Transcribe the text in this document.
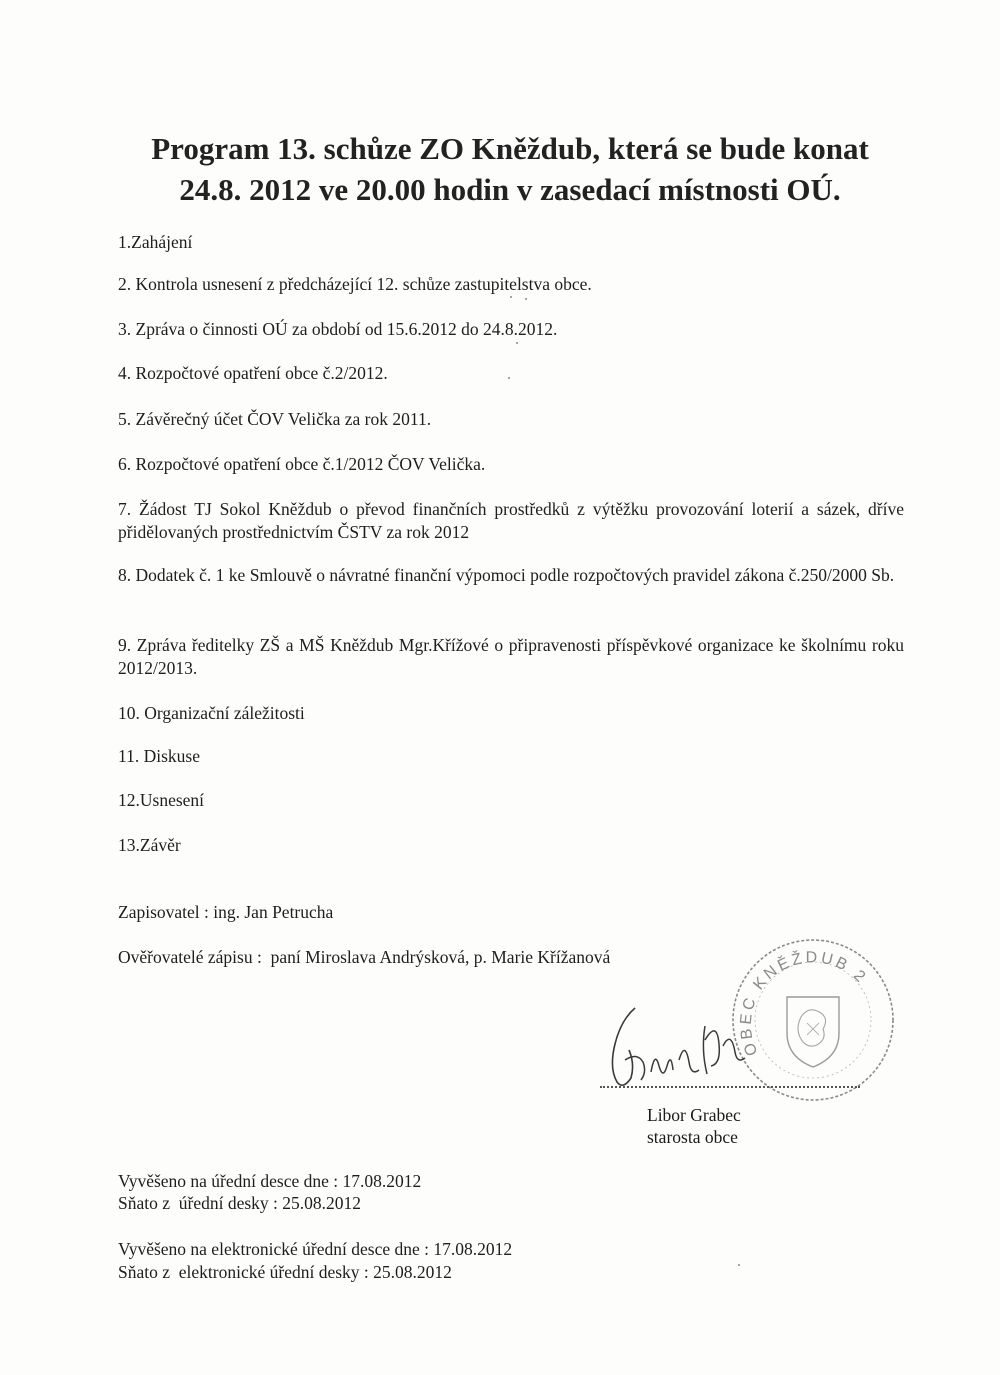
Program 13. schůze ZO Kněždub, která se bude konat
24.8. 2012 ve 20.00 hodin v zasedací místnosti OÚ.
1.Zahájení
2. Kontrola usnesení z předcházející 12. schůze zastupitelstva obce.
3. Zpráva o činnosti OÚ za období od 15.6.2012 do 24.8.2012.
4. Rozpočtové opatření obce č.2/2012.
5. Závěrečný účet ČOV Velička za rok 2011.
6. Rozpočtové opatření obce č.1/2012 ČOV Velička.
7. Žádost TJ Sokol Kněždub o převod finančních prostředků z výtěžku provozování loterií a sázek, dříve přidělovaných prostřednictvím ČSTV za rok 2012
8. Dodatek č. 1 ke Smlouvě o návratné finanční výpomoci podle rozpočtových pravidel zákona č.250/2000 Sb.
9. Zpráva ředitelky ZŠ a MŠ Kněždub Mgr.Křížové o připravenosti příspěvkové organizace ke školnímu roku 2012/2013.
10. Organizační záležitosti
11. Diskuse
12.Usnesení
13.Závěr
Zapisovatel : ing. Jan Petrucha
Ověřovatelé zápisu :  paní Miroslava Andrýsková, p. Marie Křížanová
OBEC KNĚŽDUB 2
Libor Grabec
starosta obce
Vyvěšeno na úřední desce dne : 17.08.2012
Sňato z  úřední desky : 25.08.2012
Vyvěšeno na elektronické úřední desce dne : 17.08.2012
Sňato z  elektronické úřední desky : 25.08.2012
